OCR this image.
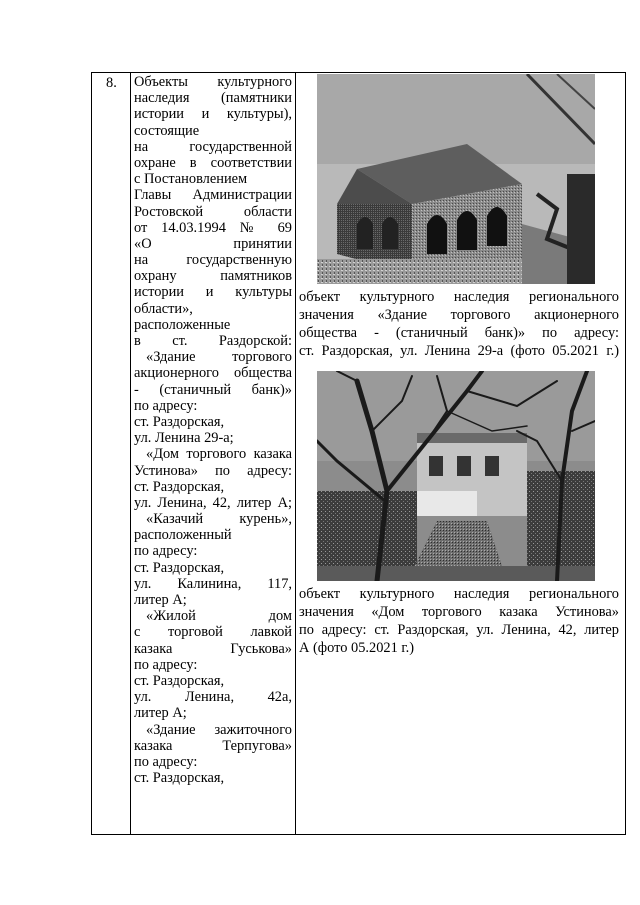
8.	Объекты культурного
наследия (памятники
истории и культуры),
состоящие
на государственной
охране в соответствии
с Постановлением
Главы Администрации
Ростовской области
от 14.03.1994 № 69
«О принятии
на государственную
охрану памятников
истории и культуры
области»,
расположенные
в ст. Раздорской:
«Здание торгового
акционерного общества
- (станичный банк)»
по адресу:
ст. Раздорская,
ул. Ленина 29-а;
«Дом торгового казака
Устинова» по адресу:
ст. Раздорская,
ул. Ленина, 42, литер А;
«Казачий курень»,
расположенный
по адресу:
ст. Раздорская,
ул. Калинина, 117,
литер А;
«Жилой дом
с торговой лавкой
казака Гуськова»
по адресу:
ст. Раздорская,
ул. Ленина, 42а,
литер А;
«Здание зажиточного
казака Терпугова»
по адресу:
ст. Раздорская,

объект культурного наследия регионального
значения «Здание торгового акционерного
общества - (станичный банк)» по адресу:
ст. Раздорская, ул. Ленина 29-а (фото 05.2021 г.)
объект культурного наследия регионального
значения «Дом торгового казака Устинова»
по адресу: ст. Раздорская, ул. Ленина, 42, литер
А (фото 05.2021 г.)
